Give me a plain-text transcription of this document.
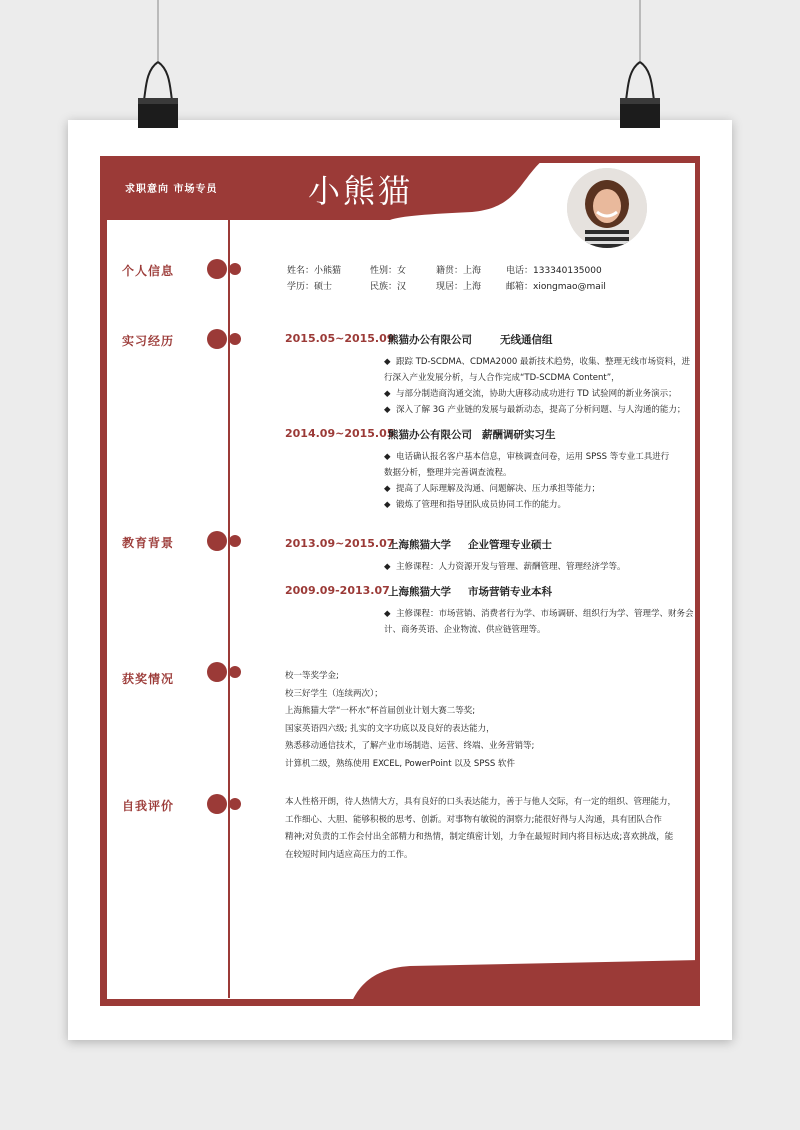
求职意向 市场专员	小熊猫
个人信息
实习经历
教育背景
获奖情况
自我评价
姓名：小熊猫	性别：女	籍贯：上海	电话：133340135000
学历：硕士	民族：汉	现居：上海	邮箱：xiongmao@mail
2015.05~2015.09
熊猫办公有限公司	无线通信组
◆ 跟踪 TD-SCDMA、CDMA2000 最新技术趋势，收集、整理无线市场资料，进行深入产业发展分析，与人合作完成“TD-SCDMA Content”，
◆ 与部分制造商沟通交流，协助大唐移动成功进行 TD 试验网的新业务演示；
◆ 深入了解 3G 产业链的发展与最新动态，提高了分析问题、与人沟通的能力；
2014.09~2015.05
熊猫办公有限公司 薪酬调研实习生
◆ 电话确认报名客户基本信息，审核调查问卷，运用 SPSS 等专业工具进行数据分析，整理并完善调查流程。
◆ 提高了人际理解及沟通、问题解决、压力承担等能力；
◆ 锻炼了管理和指导团队成员协同工作的能力。
2013.09~2015.07
上海熊猫大学 企业管理专业硕士
◆ 主修课程：人力资源开发与管理、薪酬管理、管理经济学等。
2009.09-2013.07
上海熊猫大学 市场营销专业本科
◆ 主修课程：市场营销、消费者行为学、市场调研、组织行为学、管理学、财务会计、商务英语、企业物流、供应链管理等。
校一等奖学金;
校三好学生（连续两次）；
上海熊猫大学“一杯水”杯首届创业计划大赛二等奖;
国家英语四六级; 扎实的文字功底以及良好的表达能力，
熟悉移动通信技术，了解产业市场制造、运营、终端、业务营销等;
计算机二级，熟练使用 EXCEL, PowerPoint 以及 SPSS 软件
本人性格开朗，待人热情大方，具有良好的口头表达能力，善于与他人交际，有一定的组织、管理能力，
工作细心、大胆、能够积极的思考、创新。对事物有敏锐的洞察力;能很好得与人沟通，具有团队合作
精神;对负责的工作会付出全部精力和热情，制定缜密计划，力争在最短时间内将目标达成;喜欢挑战，能
在较短时间内适应高压力的工作。
